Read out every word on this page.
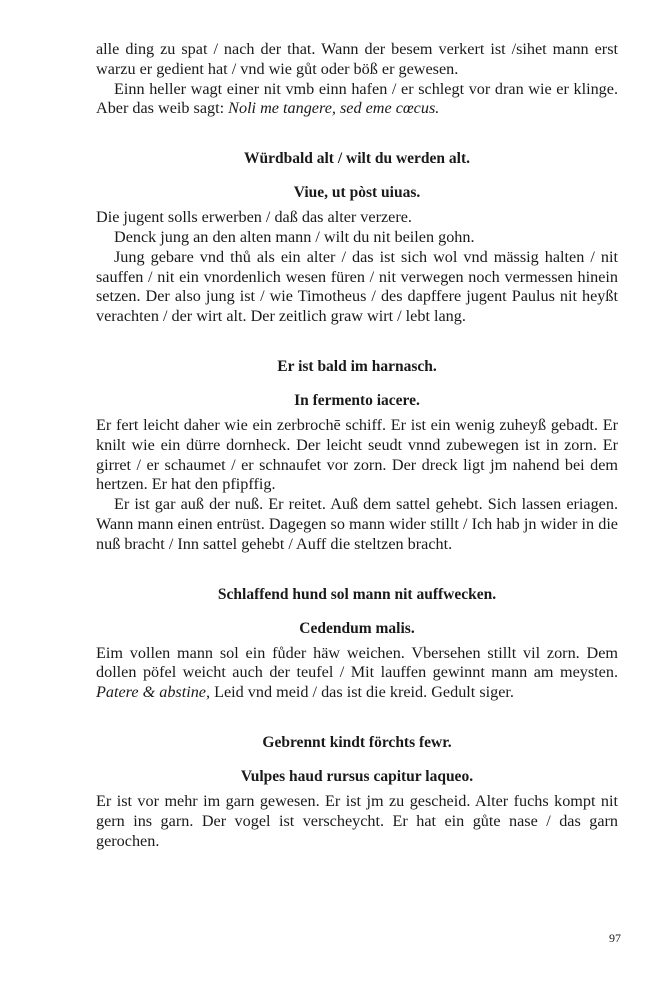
alle ding zu spat / nach der that. Wann der besem verkert ist /sihet mann erst warzu er gedient hat / vnd wie gůt oder böß er gewesen.

Einn heller wagt einer nit vmb einn hafen / er schlegt vor dran wie er klinge. Aber das weib sagt: Noli me tangere, sed eme cœcus.

Würdbald alt / wilt du werden alt.
Viue, ut pòst uiuas.

Die jugent solls erwerben / daß das alter verzere.

Denck jung an den alten mann / wilt du nit beilen gohn.

Jung gebare vnd thů als ein alter / das ist sich wol vnd mässig halten / nit sauffen / nit ein vnordenlich wesen füren / nit verwegen noch vermessen hinein setzen. Der also jung ist / wie Timotheus / des dapffere jugent Paulus nit heyßt verachten / der wirt alt. Der zeitlich graw wirt / lebt lang.

Er ist bald im harnasch.
In fermento iacere.

Er fert leicht daher wie ein zerbrochē schiff. Er ist ein wenig zuheyß gebadt. Er knilt wie ein dürre dornheck. Der leicht seudt vnnd zubewegen ist in zorn. Er girret / er schaumet / er schnaufet vor zorn. Der dreck ligt jm nahend bei dem hertzen. Er hat den pfipffig.

Er ist gar auß der nuß. Er reitet. Auß dem sattel gehebt. Sich lassen eriagen. Wann mann einen entrüst. Dagegen so mann wider stillt / Ich hab jn wider in die nuß bracht / Inn sattel gehebt / Auff die steltzen bracht.

Schlaffend hund sol mann nit auffwecken.
Cedendum malis.

Eim vollen mann sol ein fůder häw weichen. Vbersehen stillt vil zorn. Dem dollen pöfel weicht auch der teufel / Mit lauffen gewinnt mann am meysten. Patere & abstine, Leid vnd meid / das ist die kreid. Gedult siger.

Gebrennt kindt förchts fewr.
Vulpes haud rursus capitur laqueo.

Er ist vor mehr im garn gewesen. Er ist jm zu gescheid. Alter fuchs kompt nit gern ins garn. Der vogel ist verscheycht. Er hat ein gůte nase / das garn gerochen.

97
